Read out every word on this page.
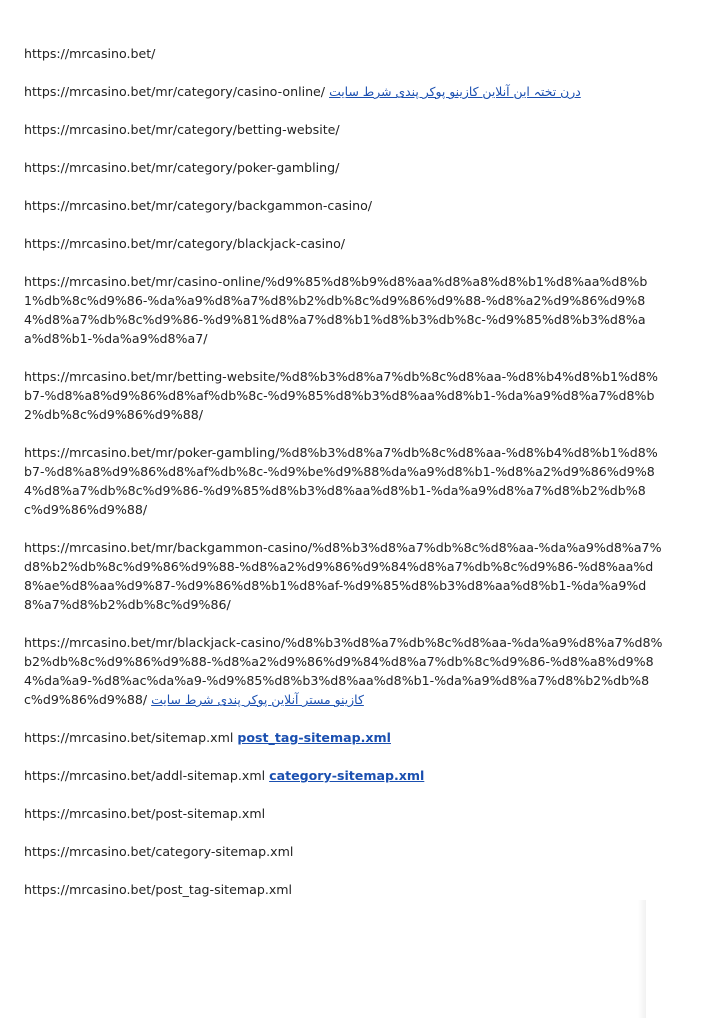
https://mrcasino.bet/

https://mrcasino.bet/mr/category/casino-online/ درن تختہ این آنلاین کازینو پوکر پندی شرط سایت

https://mrcasino.bet/mr/category/betting-website/

https://mrcasino.bet/mr/category/poker-gambling/

https://mrcasino.bet/mr/category/backgammon-casino/

https://mrcasino.bet/mr/category/blackjack-casino/

https://mrcasino.bet/mr/casino-online/%d9%85%d8%b9%d8%aa%d8%a8%d8%b1%d8%aa%d8%b1%db%8c%d9%86-%da%a9%d8%a7%d8%b2%db%8c%d9%86%d9%88-%d8%a2%d9%86%d9%84%d8%a7%db%8c%d9%86-%d9%81%d8%a7%d8%b1%d8%b3%db%8c-%d9%85%d8%b3%d8%aa%d8%b1-%da%a9%d8%a7/

https://mrcasino.bet/mr/betting-website/%d8%b3%d8%a7%db%8c%d8%aa-%d8%b4%d8%b1%d8%b7-%d8%a8%d9%86%d8%af%db%8c-%d9%85%d8%b3%d8%aa%d8%b1-%da%a9%d8%a7%d8%b2%db%8c%d9%86%d9%88/

https://mrcasino.bet/mr/poker-gambling/%d8%b3%d8%a7%db%8c%d8%aa-%d8%b4%d8%b1%d8%b7-%d8%a8%d9%86%d8%af%db%8c-%d9%be%d9%88%da%a9%d8%b1-%d8%a2%d9%86%d9%84%d8%a7%db%8c%d9%86-%d9%85%d8%b3%d8%aa%d8%b1-%da%a9%d8%a7%d8%b2%db%8c%d9%86%d9%88/

https://mrcasino.bet/mr/backgammon-casino/%d8%b3%d8%a7%db%8c%d8%aa-%da%a9%d8%a7%d8%b2%db%8c%d9%86%d9%88-%d8%a2%d9%86%d9%84%d8%a7%db%8c%d9%86-%d8%aa%d8%ae%d8%aa%d9%87-%d9%86%d8%b1%d8%af-%d9%85%d8%b3%d8%aa%d8%b1-%da%a9%d8%a7%d8%b2%db%8c%d9%86/

https://mrcasino.bet/mr/blackjack-casino/%d8%b3%d8%a7%db%8c%d8%aa-%da%a9%d8%a7%d8%b2%db%8c%d9%86%d9%88-%d8%a2%d9%86%d9%84%d8%a7%db%8c%d9%86-%d8%a8%d9%84%da%a9-%d8%ac%da%a9-%d9%85%d8%b3%d8%aa%d8%b1-%da%a9%d8%a7%d8%b2%db%8c%d9%86%d9%88/ کازینو مستر آنلاین پوکر پندی شرط سایت

https://mrcasino.bet/sitemap.xml post_tag-sitemap.xml

https://mrcasino.bet/addl-sitemap.xml category-sitemap.xml

https://mrcasino.bet/post-sitemap.xml

https://mrcasino.bet/category-sitemap.xml

https://mrcasino.bet/post_tag-sitemap.xml
